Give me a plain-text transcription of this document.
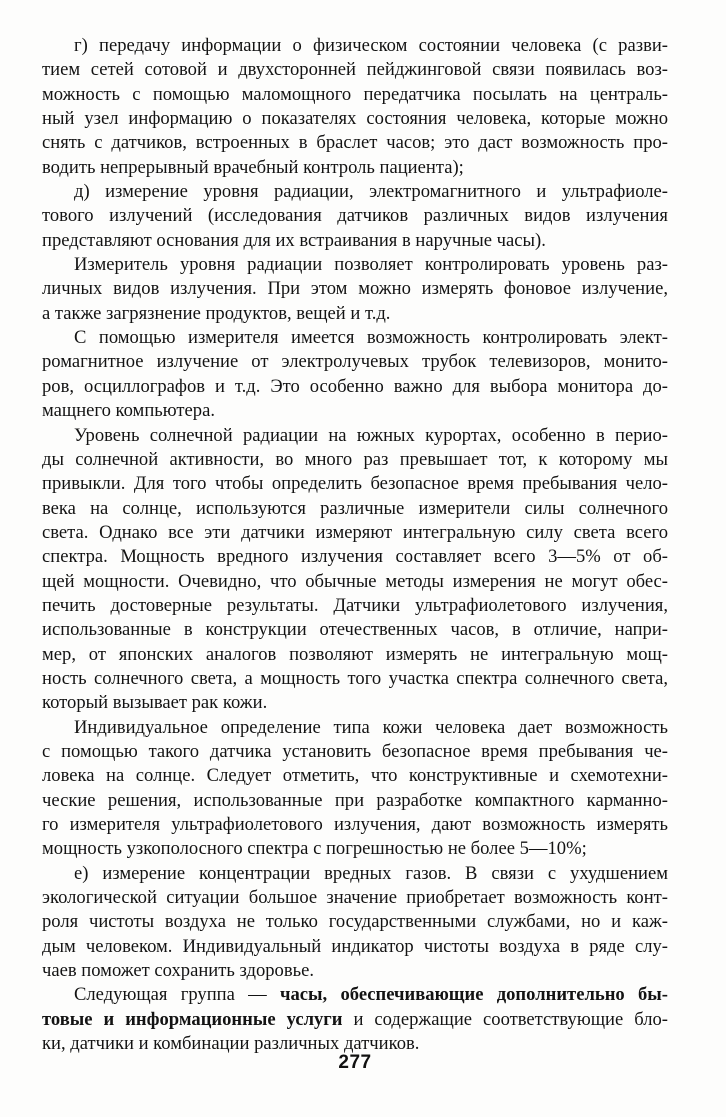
г) передачу информации о физическом состоянии человека (с разви-
тием сетей сотовой и двухсторонней пейджинговой связи появилась воз-
можность с помощью маломощного передатчика посылать на централь-
ный узел информацию о показателях состояния человека, которые можно
снять с датчиков, встроенных в браслет часов; это даст возможность про-
водить непрерывный врачебный контроль пациента);
д) измерение уровня радиации, электромагнитного и ультрафиоле-
тового излучений (исследования датчиков различных видов излучения
представляют основания для их встраивания в наручные часы).
Измеритель уровня радиации позволяет контролировать уровень раз-
личных видов излучения. При этом можно измерять фоновое излучение,
а также загрязнение продуктов, вещей и т.д.
С помощью измерителя имеется возможность контролировать элект-
ромагнитное излучение от электролучевых трубок телевизоров, монито-
ров, осциллографов и т.д. Это особенно важно для выбора монитора до-
мащнего компьютера.
Уровень солнечной радиации на южных курортах, особенно в перио-
ды солнечной активности, во много раз превышает тот, к которому мы
привыкли. Для того чтобы определить безопасное время пребывания чело-
века на солнце, используются различные измерители силы солнечного
света. Однако все эти датчики измеряют интегральную силу света всего
спектра. Мощность вредного излучения составляет всего 3—5% от об-
щей мощности. Очевидно, что обычные методы измерения не могут обес-
печить достоверные результаты. Датчики ультрафиолетового излучения,
использованные в конструкции отечественных часов, в отличие, напри-
мер, от японских аналогов позволяют измерять не интегральную мощ-
ность солнечного света, а мощность того участка спектра солнечного света,
который вызывает рак кожи.
Индивидуальное определение типа кожи человека дает возможность
с помощью такого датчика установить безопасное время пребывания че-
ловека на солнце. Следует отметить, что конструктивные и схемотехни-
ческие решения, использованные при разработке компактного карманно-
го измерителя ультрафиолетового излучения, дают возможность измерять
мощность узкополосного спектра с погрешностью не более 5—10%;
е) измерение концентрации вредных газов. В связи с ухудшением
экологической ситуации большое значение приобретает возможность конт-
роля чистоты воздуха не только государственными службами, но и каж-
дым человеком. Индивидуальный индикатор чистоты воздуха в ряде слу-
чаев поможет сохранить здоровье.
Следующая группа — часы, обеспечивающие дополнительно бы-
товые и информационные услуги и содержащие соответствующие бло-
ки, датчики и комбинации различных датчиков.
277
